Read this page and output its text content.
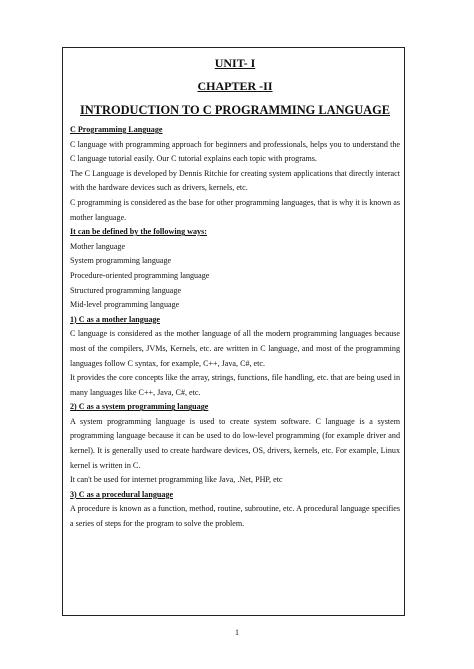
UNIT- I
CHAPTER -II
INTRODUCTION TO C PROGRAMMING LANGUAGE
C Programming Language

C language with programming approach for beginners and professionals, helps you to understand the C language tutorial easily. Our C tutorial explains each topic with programs.

The C Language is developed by Dennis Ritchie for creating system applications that directly interact with the hardware devices such as drivers, kernels, etc.

C programming is considered as the base for other programming languages, that is why it is known as mother language.

It can be defined by the following ways:
Mother language
System programming language
Procedure-oriented programming language
Structured programming language
Mid-level programming language
1) C as a mother language

C language is considered as the mother language of all the modern programming languages because most of the compilers, JVMs, Kernels, etc. are written in C language, and most of the programming languages follow C syntax, for example, C++, Java, C#, etc.

It provides the core concepts like the array, strings, functions, file handling, etc. that are being used in many languages like C++, Java, C#, etc.

2) C as a system programming language

A system programming language is used to create system software. C language is a system programming language because it can be used to do low-level programming (for example driver and kernel). It is generally used to create hardware devices, OS, drivers, kernels, etc. For example, Linux kernel is written in C.

It can't be used for internet programming like Java, .Net, PHP, etc

3) C as a procedural language

A procedure is known as a function, method, routine, subroutine, etc. A procedural language specifies a series of steps for the program to solve the problem.

1
